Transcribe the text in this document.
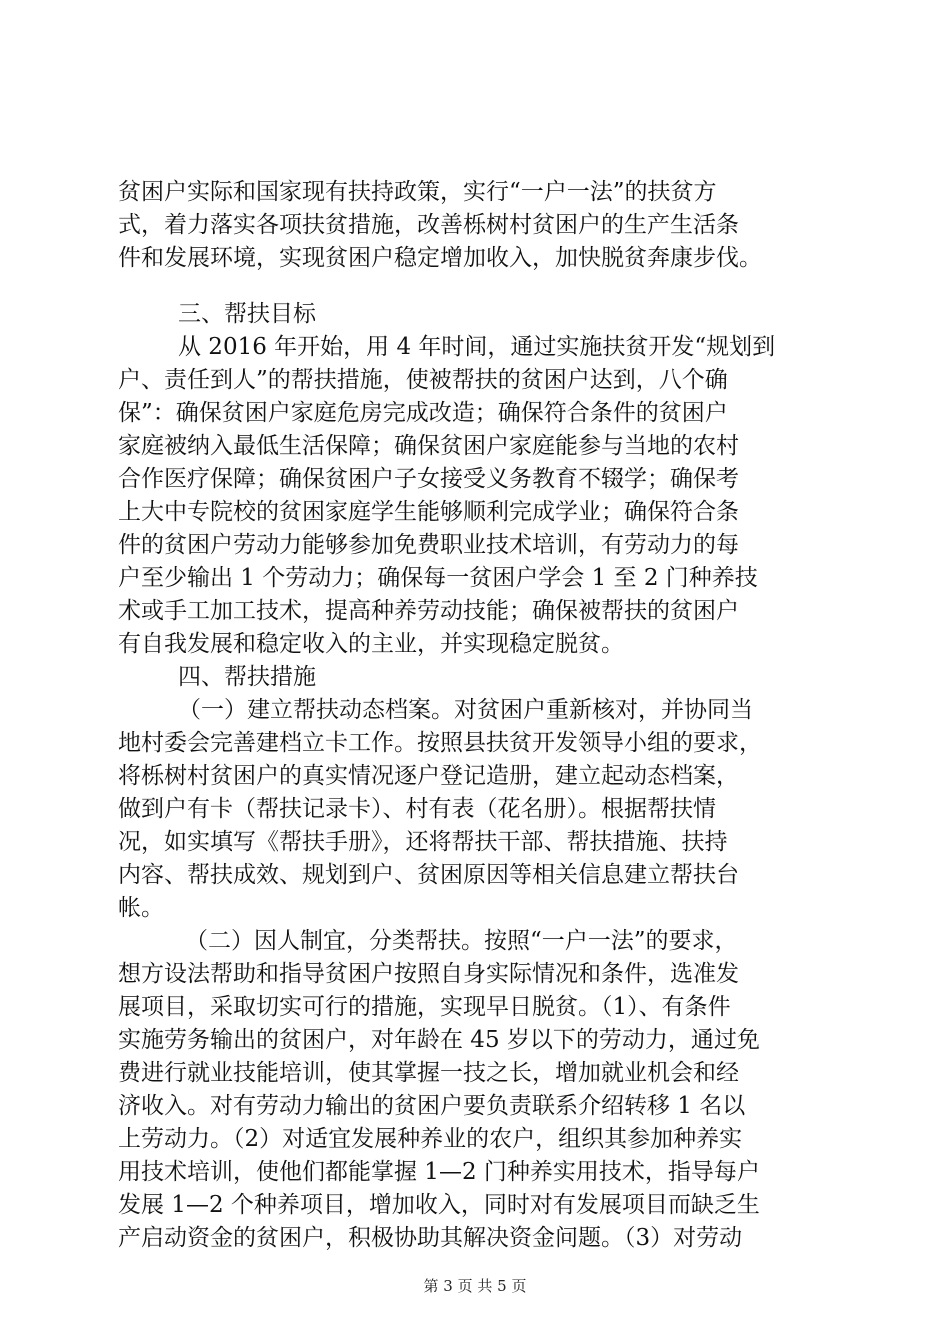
贫困户实际和国家现有扶持政策，实行“一户一法”的扶贫方
式，着力落实各项扶贫措施，改善栎树村贫困户的生产生活条
件和发展环境，实现贫困户稳定增加收入，加快脱贫奔康步伐。
三、帮扶目标
从 2016 年开始，用 4 年时间，通过实施扶贫开发“规划到
户、责任到人”的帮扶措施，使被帮扶的贫困户达到，八个确
保”：确保贫困户家庭危房完成改造；确保符合条件的贫困户
家庭被纳入最低生活保障；确保贫困户家庭能参与当地的农村
合作医疗保障；确保贫困户子女接受义务教育不辍学；确保考
上大中专院校的贫困家庭学生能够顺利完成学业；确保符合条
件的贫困户劳动力能够参加免费职业技术培训，有劳动力的每
户至少输出 1 个劳动力；确保每一贫困户学会 1 至 2 门种养技
术或手工加工技术，提高种养劳动技能；确保被帮扶的贫困户
有自我发展和稳定收入的主业，并实现稳定脱贫。
四、帮扶措施
（一）建立帮扶动态档案。对贫困户重新核对，并协同当
地村委会完善建档立卡工作。按照县扶贫开发领导小组的要求，
将栎树村贫困户的真实情况逐户登记造册，建立起动态档案，
做到户有卡（帮扶记录卡）、村有表（花名册）。根据帮扶情
况，如实填写《帮扶手册》，还将帮扶干部、帮扶措施、扶持
内容、帮扶成效、规划到户、贫困原因等相关信息建立帮扶台
帐。
（二）因人制宜，分类帮扶。按照“一户一法”的要求，
想方设法帮助和指导贫困户按照自身实际情况和条件，选准发
展项目，采取切实可行的措施，实现早日脱贫。（1）、有条件
实施劳务输出的贫困户，对年龄在 45 岁以下的劳动力，通过免
费进行就业技能培训，使其掌握一技之长，增加就业机会和经
济收入。对有劳动力输出的贫困户要负责联系介绍转移 1 名以
上劳动力。（2）对适宜发展种养业的农户，组织其参加种养实
用技术培训，使他们都能掌握 1—2 门种养实用技术，指导每户
发展 1—2 个种养项目，增加收入，同时对有发展项目而缺乏生
产启动资金的贫困户，积极协助其解决资金问题。（3）对劳动
第 3 页 共 5 页
